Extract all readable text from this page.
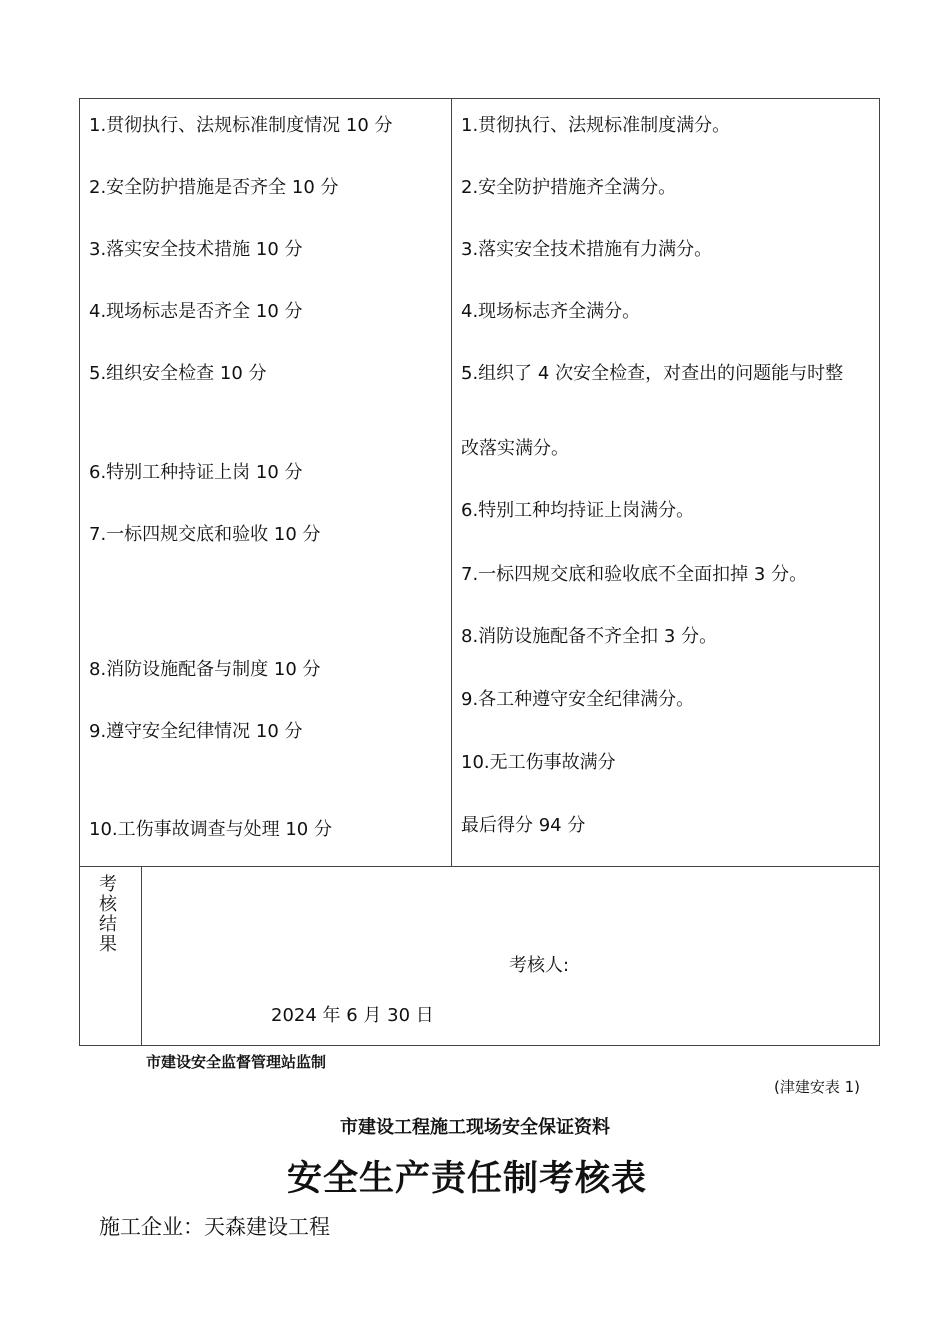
1.贯彻执行、法规标准制度情况 10 分
2.安全防护措施是否齐全 10 分
3.落实安全技术措施 10 分
4.现场标志是否齐全 10 分
5.组织安全检查 10 分
6.特别工种持证上岗 10 分
7.一标四规交底和验收 10 分
8.消防设施配备与制度 10 分
9.遵守安全纪律情况 10 分
10.工伤事故调查与处理 10 分
1.贯彻执行、法规标准制度满分。
2.安全防护措施齐全满分。
3.落实安全技术措施有力满分。
4.现场标志齐全满分。
5.组织了 4 次安全检查，对查出的问题能与时整
改落实满分。
6.特别工种均持证上岗满分。
7.一标四规交底和验收底不全面扣掉 3 分。
8.消防设施配备不齐全扣 3 分。
9.各工种遵守安全纪律满分。
10.无工伤事故满分
最后得分 94 分
考核结果
考核人:
2024 年 6 月 30 日
市建设安全监督管理站监制
(津建安表 1)
市建设工程施工现场安全保证资料
安全生产责任制考核表
施工企业：天森建设工程
